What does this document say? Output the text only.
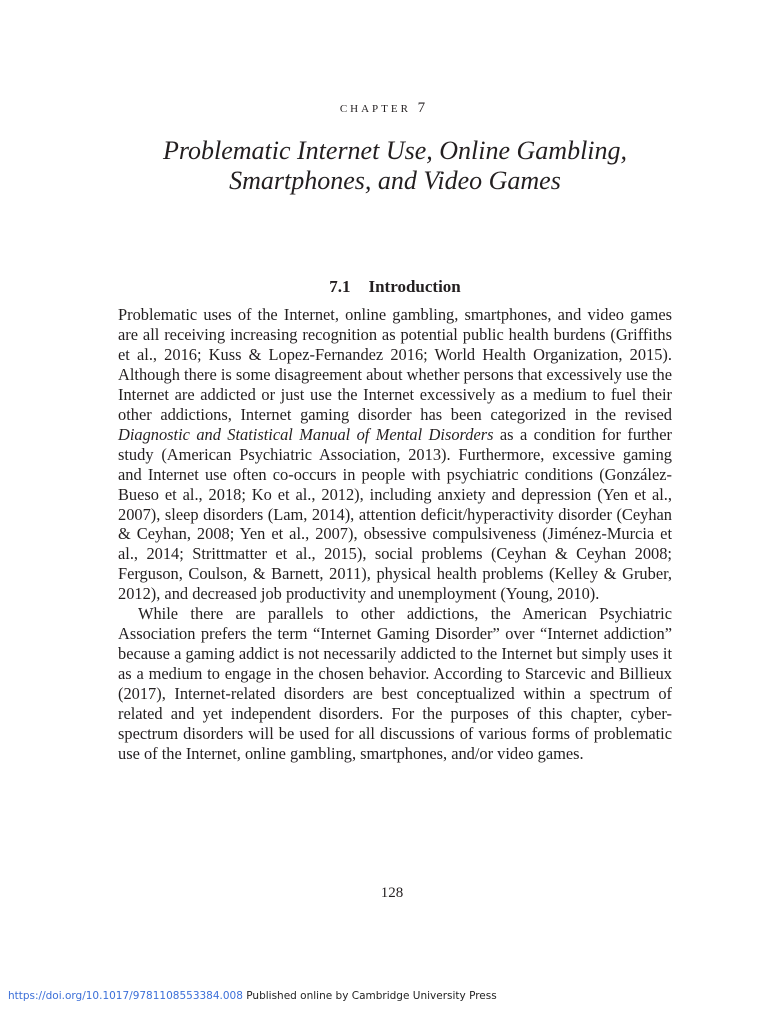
chapter 7
Problematic Internet Use, Online Gambling, Smartphones, and Video Games
7.1 Introduction

Problematic uses of the Internet, online gambling, smartphones, and video games are all receiving increasing recognition as potential public health burdens (Griffiths et al., 2016; Kuss & Lopez-Fernandez 2016; World Health Organization, 2015). Although there is some disagreement about whether persons that excessively use the Internet are addicted or just use the Internet excessively as a medium to fuel their other addictions, Internet gaming disorder has been categorized in the revised Diagnostic and Statistical Manual of Mental Disorders as a condition for further study (American Psychiatric Association, 2013). Furthermore, excessive gaming and Internet use often co-occurs in people with psychiatric conditions (González-Bueso et al., 2018; Ko et al., 2012), including anxiety and depression (Yen et al., 2007), sleep disorders (Lam, 2014), attention deficit/hyperactivity disorder (Ceyhan & Ceyhan, 2008; Yen et al., 2007), obsessive compulsiveness (Jiménez-Murcia et al., 2014; Strittmatter et al., 2015), social problems (Ceyhan & Ceyhan 2008; Ferguson, Coulson, & Barnett, 2011), physical health problems (Kelley & Gruber, 2012), and decreased job productivity and unemployment (Young, 2010).

While there are parallels to other addictions, the American Psychiatric Association prefers the term “Internet Gaming Disorder” over “Internet addiction” because a gaming addict is not necessarily addicted to the Internet but simply uses it as a medium to engage in the chosen behavior. According to Starcevic and Billieux (2017), Internet-related disorders are best conceptualized within a spectrum of related and yet independent disorders. For the purposes of this chapter, cyber-spectrum disorders will be used for all discussions of various forms of problematic use of the Internet, online gambling, smartphones, and/or video games.

128
https://doi.org/10.1017/9781108553384.008 Published online by Cambridge University Press
